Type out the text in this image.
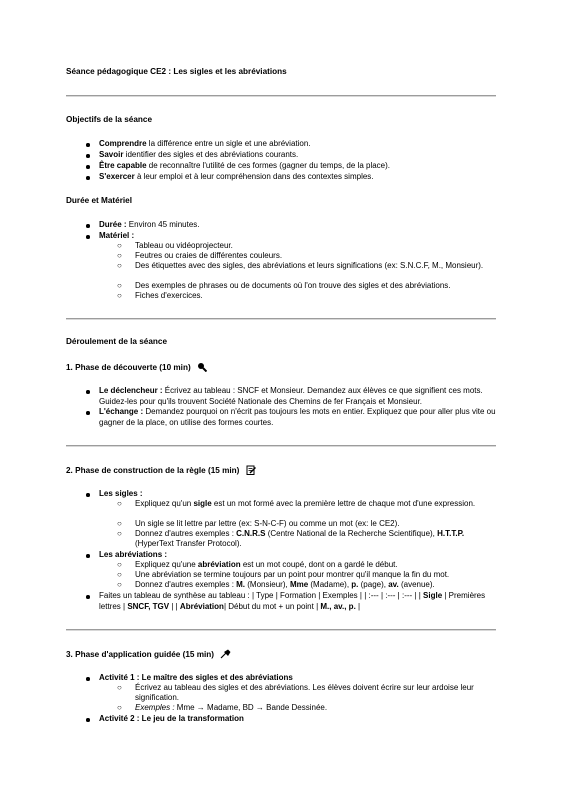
Séance pédagogique CE2 : Les sigles et les abréviations
Objectifs de la séance
Comprendre la différence entre un sigle et une abréviation.
Savoir identifier des sigles et des abréviations courants.
Être capable de reconnaître l'utilité de ces formes (gagner du temps, de la place).
S'exercer à leur emploi et à leur compréhension dans des contextes simples.
Durée et Matériel
Durée : Environ 45 minutes.
Matériel :
○ Tableau ou vidéoprojecteur.
○ Feutres ou craies de différentes couleurs.
○ Des étiquettes avec des sigles, des abréviations et leurs significations (ex: S.N.C.F, M., Monsieur).
○ Des exemples de phrases ou de documents où l'on trouve des sigles et des abréviations.
○ Fiches d'exercices.
Déroulement de la séance
1. Phase de découverte (10 min)
Le déclencheur : Écrivez au tableau : SNCF et Monsieur. Demandez aux élèves ce que signifient ces mots. Guidez-les pour qu'ils trouvent Société Nationale des Chemins de fer Français et Monsieur.
L'échange : Demandez pourquoi on n'écrit pas toujours les mots en entier. Expliquez que pour aller plus vite ou gagner de la place, on utilise des formes courtes.
2. Phase de construction de la règle (15 min)
Les sigles :
○ Expliquez qu'un sigle est un mot formé avec la première lettre de chaque mot d'une expression.
○ Un sigle se lit lettre par lettre (ex: S-N-C-F) ou comme un mot (ex: le CE2).
○ Donnez d'autres exemples : C.N.R.S (Centre National de la Recherche Scientifique), H.T.T.P. (HyperText Transfer Protocol).
Les abréviations :
○ Expliquez qu'une abréviation est un mot coupé, dont on a gardé le début.
○ Une abréviation se termine toujours par un point pour montrer qu'il manque la fin du mot.
○ Donnez d'autres exemples : M. (Monsieur), Mme (Madame), p. (page), av. (avenue).
Faites un tableau de synthèse au tableau : | Type | Formation | Exemples | | :--- | :--- | :--- | | Sigle | Premières lettres | SNCF, TGV | | Abréviation| Début du mot + un point | M., av., p. |
3. Phase d'application guidée (15 min)
Activité 1 : Le maître des sigles et des abréviations
○ Écrivez au tableau des sigles et des abréviations. Les élèves doivent écrire sur leur ardoise leur signification.
○ Exemples : Mme → Madame, BD → Bande Dessinée.
Activité 2 : Le jeu de la transformation
